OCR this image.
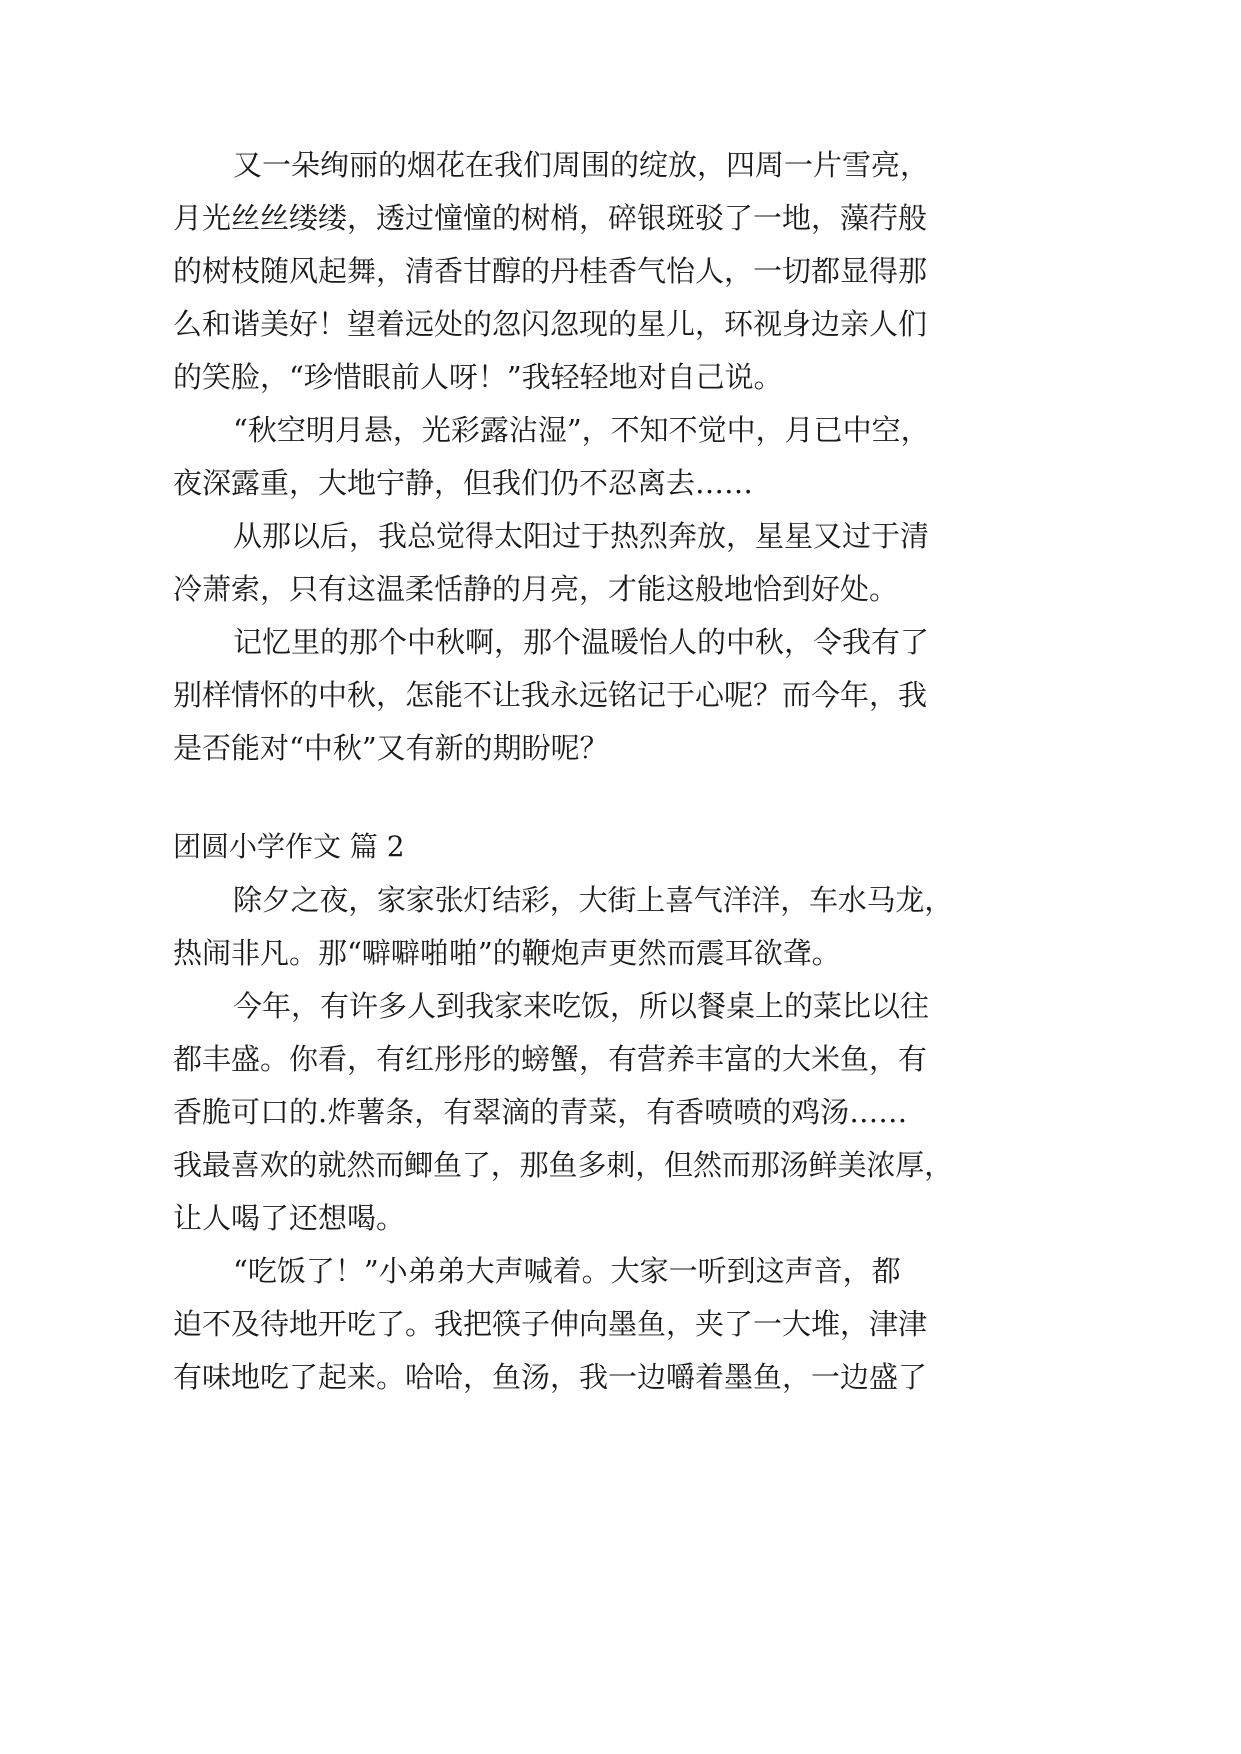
又一朵绚丽的烟花在我们周围的绽放，四周一片雪亮，
月光丝丝缕缕，透过憧憧的树梢，碎银斑驳了一地，藻荇般
的树枝随风起舞，清香甘醇的丹桂香气怡人，一切都显得那
么和谐美好！望着远处的忽闪忽现的星儿，环视身边亲人们
的笑脸，“珍惜眼前人呀！”我轻轻地对自己说。
“秋空明月悬，光彩露沾湿”，不知不觉中，月已中空，
夜深露重，大地宁静，但我们仍不忍离去……
从那以后，我总觉得太阳过于热烈奔放，星星又过于清
冷萧索，只有这温柔恬静的月亮，才能这般地恰到好处。
记忆里的那个中秋啊，那个温暖怡人的中秋，令我有了
别样情怀的中秋，怎能不让我永远铭记于心呢？而今年，我
是否能对“中秋”又有新的期盼呢？
团圆小学作文 篇 2
除夕之夜，家家张灯结彩，大街上喜气洋洋，车水马龙，
热闹非凡。那“噼噼啪啪”的鞭炮声更然而震耳欲聋。
今年，有许多人到我家来吃饭，所以餐桌上的菜比以往
都丰盛。你看，有红彤彤的螃蟹，有营养丰富的大米鱼，有
香脆可口的.炸薯条，有翠滴的青菜，有香喷喷的鸡汤……
我最喜欢的就然而鲫鱼了，那鱼多刺，但然而那汤鲜美浓厚，
让人喝了还想喝。
“吃饭了！”小弟弟大声喊着。大家一听到这声音，都
迫不及待地开吃了。我把筷子伸向墨鱼，夹了一大堆，津津
有味地吃了起来。哈哈，鱼汤，我一边嚼着墨鱼，一边盛了
